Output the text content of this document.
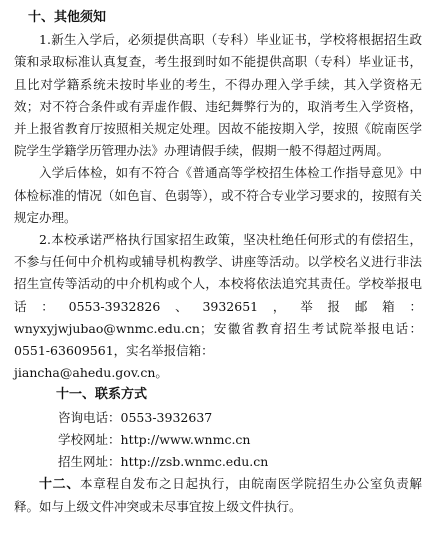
十、其他须知

1.新生入学后，必须提供高职（专科）毕业证书，学校将根据招生政策和录取标准认真复查，考生报到时如不能提供高职（专科）毕业证书，且比对学籍系统未按时毕业的考生，不得办理入学手续，其入学资格无效；对不符合条件或有弄虚作假、违纪舞弊行为的，取消考生入学资格，并上报省教育厅按照相关规定处理。因故不能按期入学，按照《皖南医学院学生学籍学历管理办法》办理请假手续，假期一般不得超过两周。

入学后体检，如有不符合《普通高等学校招生体检工作指导意见》中体检标准的情况（如色盲、色弱等），或不符合专业学习要求的，按照有关规定办理。

2.本校承诺严格执行国家招生政策，坚决杜绝任何形式的有偿招生，不参与任何中介机构或辅导机构教学、讲座等活动。以学校名义进行非法招生宣传等活动的中介机构或个人，本校将依法追究其责任。学校举报电话：0553-3932826、3932651，举报邮箱：wnyxyjwjubao@wnmc.edu.cn；安徽省教育招生考试院举报电话：0551-63609561，实名举报信箱：

jiancha@ahedu.gov.cn。
十一、联系方式
咨询电话：0553-3932637
学校网址：http://www.wnmc.cn
招生网址：http://zsb.wnmc.edu.cn

十二、本章程自发布之日起执行，由皖南医学院招生办公室负责解释。如与上级文件冲突或未尽事宜按上级文件执行。
